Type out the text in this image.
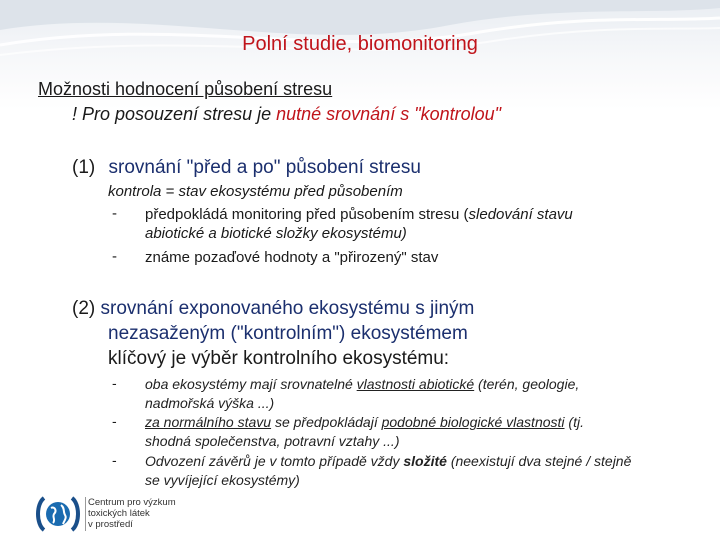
Polní studie, biomonitoring
Možnosti hodnocení působení stresu
! Pro posouzení stresu je nutné srovnání s "kontrolou"
(1) srovnání "před a po" působení stresu
kontrola = stav ekosystému před působením
- předpokládá monitoring před působením stresu (sledování stavu
abiotické a biotické složky ekosystému)
- známe pozaďové hodnoty a "přirozený" stav
(2) srovnání exponovaného ekosystému s jiným
nezasaženým ("kontrolním") ekosystémem
klíčový je výběr kontrolního ekosystému:
- oba ekosystémy mají srovnatelné vlastnosti abiotické (terén, geologie,
nadmořská výška ...)
- za normálního stavu se předpokládají podobné biologické vlastnosti (tj.
shodná společenstva, potravní vztahy ...)
- Odvození závěrů je v tomto případě vždy složité (neexistují dva stejné / stejně
se vyvíjející ekosystémy)
Centrum pro výzkum
toxických látek
v prostředí
